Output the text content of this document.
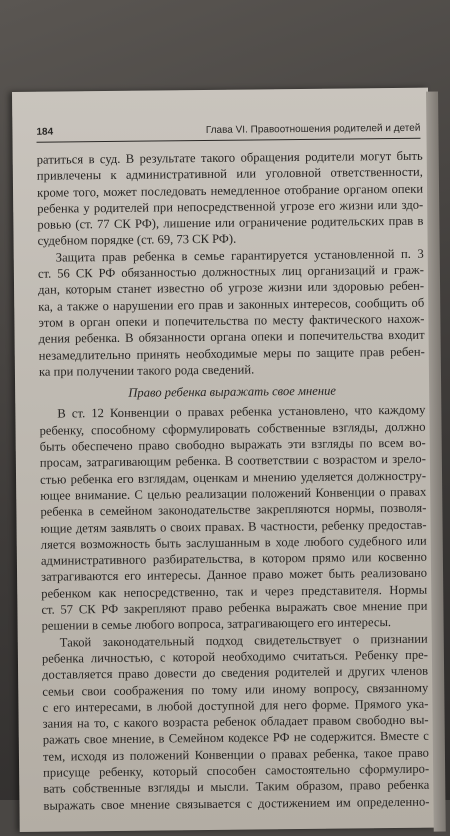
184	Глава VI. Правоотношения родителей и детей
ратиться в суд. В результате такого обращения родители могут быть
привлечены к административной или уголовной ответственности,
кроме того, может последовать немедленное отобрание органом опеки
ребенка у родителей при непосредственной угрозе его жизни или здо-
ровью (ст. 77 СК РФ), лишение или ограничение родительских прав в
судебном порядке (ст. 69, 73 СК РФ).
Защита прав ребенка в семье гарантируется установленной п. 3
ст. 56 СК РФ обязанностью должностных лиц организаций и граж-
дан, которым станет известно об угрозе жизни или здоровью ребен-
ка, а также о нарушении его прав и законных интересов, сообщить об
этом в орган опеки и попечительства по месту фактического нахож-
дения ребенка. В обязанности органа опеки и попечительства входит
незамедлительно принять необходимые меры по защите прав ребен-
ка при получении такого рода сведений.
Право ребенка выражать свое мнение
В ст. 12 Конвенции о правах ребенка установлено, что каждому
ребенку, способному сформулировать собственные взгляды, должно
быть обеспечено право свободно выражать эти взгляды по всем во-
просам, затрагивающим ребенка. В соответствии с возрастом и зрело-
стью ребенка его взглядам, оценкам и мнению уделяется должностру-
ющее внимание. С целью реализации положений Конвенции о правах
ребенка в семейном законодательстве закрепляются нормы, позволя-
ющие детям заявлять о своих правах. В частности, ребенку предостав-
ляется возможность быть заслушанным в ходе любого судебного или
административного разбирательства, в котором прямо или косвенно
затрагиваются его интересы. Данное право может быть реализовано
ребенком как непосредственно, так и через представителя. Нормы
ст. 57 СК РФ закрепляют право ребенка выражать свое мнение при
решении в семье любого вопроса, затрагивающего его интересы.
Такой законодательный подход свидетельствует о признании
ребенка личностью, с которой необходимо считаться. Ребенку пре-
доставляется право довести до сведения родителей и других членов
семьи свои соображения по тому или иному вопросу, связанному
с его интересами, в любой доступной для него форме. Прямого ука-
зания на то, с какого возраста ребенок обладает правом свободно вы-
ражать свое мнение, в Семейном кодексе РФ не содержится. Вместе с
тем, исходя из положений Конвенции о правах ребенка, такое право
присуще ребенку, который способен самостоятельно сформулиро-
вать собственные взгляды и мысли. Таким образом, право ребенка
выражать свое мнение связывается с достижением им определенно-
